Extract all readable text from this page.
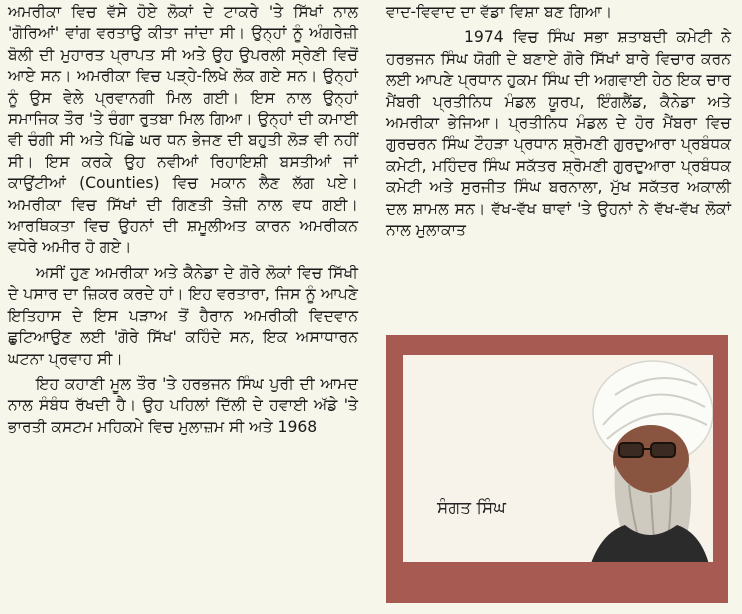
ਅਮਰੀਕਾ ਵਿਚ ਵੱਸੇ ਹੋਏ ਲੋਕਾਂ ਦੇ ਟਾਕਰੇ 'ਤੇ ਸਿੱਖਾਂ ਨਾਲ 'ਗੋਰਿਆਂ' ਵਾਂਗ ਵਰਤਾਉ ਕੀਤਾ ਜਾਂਦਾ ਸੀ। ਉਨ੍ਹਾਂ ਨੂੰ ਅੰਗਰੇਜ਼ੀ ਬੋਲੀ ਦੀ ਮੁਹਾਰਤ ਪ੍ਰਾਪਤ ਸੀ ਅਤੇ ਉਹ ਉਪਰਲੀ ਸ੍ਰੇਣੀ ਵਿਚੋਂ ਆਏ ਸਨ। ਅਮਰੀਕਾ ਵਿਚ ਪੜ੍ਹੇ-ਲਿਖੇ ਲੋਕ ਗਏ ਸਨ। ਉਨ੍ਹਾਂ ਨੂੰ ਉਸ ਵੇਲੇ ਪ੍ਰਵਾਨਗੀ ਮਿਲ ਗਈ। ਇਸ ਨਾਲ ਉਨ੍ਹਾਂ ਸਮਾਜਿਕ ਤੌਰ 'ਤੇ ਚੰਗਾ ਰੁਤਬਾ ਮਿਲ ਗਿਆ। ਉਨ੍ਹਾਂ ਦੀ ਕਮਾਈ ਵੀ ਚੰਗੀ ਸੀ ਅਤੇ ਪਿੱਛੇ ਘਰ ਧਨ ਭੇਜਣ ਦੀ ਬਹੁਤੀ ਲੋੜ ਵੀ ਨਹੀਂ ਸੀ। ਇਸ ਕਰਕੇ ਉਹ ਨਵੀਆਂ ਰਿਹਾਇਸ਼ੀ ਬਸਤੀਆਂ ਜਾਂ ਕਾਉਂਟੀਆਂ (Counties) ਵਿਚ ਮਕਾਨ ਲੈਣ ਲੱਗ ਪਏ। ਅਮਰੀਕਾ ਵਿਚ ਸਿੱਖਾਂ ਦੀ ਗਿਣਤੀ ਤੇਜ਼ੀ ਨਾਲ ਵਧ ਗਈ। ਆਰਥਿਕਤਾ ਵਿਚ ਉਹਨਾਂ ਦੀ ਸ਼ਮੂਲੀਅਤ ਕਾਰਨ ਅਮਰੀਕਨ ਵਧੇਰੇ ਅਮੀਰ ਹੋ ਗਏ।

ਅਸੀਂ ਹੁਣ ਅਮਰੀਕਾ ਅਤੇ ਕੈਨੇਡਾ ਦੇ ਗੋਰੇ ਲੋਕਾਂ ਵਿਚ ਸਿੱਖੀ ਦੇ ਪਸਾਰ ਦਾ ਜ਼ਿਕਰ ਕਰਦੇ ਹਾਂ। ਇਹ ਵਰਤਾਰਾ, ਜਿਸ ਨੂੰ ਆਪਣੇ ਇਤਿਹਾਸ ਦੇ ਇਸ ਪੜਾਅ ਤੋਂ ਹੈਰਾਨ ਅਮਰੀਕੀ ਵਿਦਵਾਨ ਛੁਟਿਆਉਣ ਲਈ 'ਗੋਰੇ ਸਿੱਖ' ਕਹਿੰਦੇ ਸਨ, ਇਕ ਅਸਾਧਾਰਨ ਘਟਨਾ ਪ੍ਰਵਾਹ ਸੀ।

ਇਹ ਕਹਾਣੀ ਮੂਲ ਤੌਰ 'ਤੇ ਹਰਭਜਨ ਸਿੰਘ ਪੁਰੀ ਦੀ ਆਮਦ ਨਾਲ ਸੰਬੰਧ ਰੱਖਦੀ ਹੈ। ਉਹ ਪਹਿਲਾਂ ਦਿੱਲੀ ਦੇ ਹਵਾਈ ਅੱਡੇ 'ਤੇ ਭਾਰਤੀ ਕਸਟਮ ਮਹਿਕਮੇ ਵਿਚ ਮੁਲਾਜ਼ਮ ਸੀ ਅਤੇ 1968

ਵਾਦ-ਵਿਵਾਦ ਦਾ ਵੱਡਾ ਵਿਸ਼ਾ ਬਣ ਗਿਆ।

1974 ਵਿਚ ਸਿੰਘ ਸਭਾ ਸ਼ਤਾਬਦੀ ਕਮੇਟੀ ਨੇ ਹਰਭਜਨ ਸਿੰਘ ਯੋਗੀ ਦੇ ਬਣਾਏ ਗੋਰੇ ਸਿੱਖਾਂ ਬਾਰੇ ਵਿਚਾਰ ਕਰਨ ਲਈ ਆਪਣੇ ਪ੍ਰਧਾਨ ਹੁਕਮ ਸਿੰਘ ਦੀ ਅਗਵਾਈ ਹੇਠ ਇਕ ਚਾਰ ਮੈਂਬਰੀ ਪ੍ਰਤੀਨਿਧ ਮੰਡਲ ਯੂਰਪ, ਇੰਗਲੈਂਡ, ਕੈਨੇਡਾ ਅਤੇ ਅਮਰੀਕਾ ਭੇਜਿਆ। ਪ੍ਰਤੀਨਿਧ ਮੰਡਲ ਦੇ ਹੋਰ ਮੈਂਬਰਾ ਵਿਚ ਗੁਰਚਰਨ ਸਿੰਘ ਟੌਹੜਾ ਪ੍ਰਧਾਨ ਸ਼੍ਰੋਮਣੀ ਗੁਰਦੁਆਰਾ ਪ੍ਰਬੰਧਕ ਕਮੇਟੀ, ਮਹਿੰਦਰ ਸਿੰਘ ਸਕੱਤਰ ਸ਼੍ਰੋਮਣੀ ਗੁਰਦੁਆਰਾ ਪ੍ਰਬੰਧਕ ਕਮੇਟੀ ਅਤੇ ਸੁਰਜੀਤ ਸਿੰਘ ਬਰਨਾਲਾ, ਮੁੱਖ ਸਕੱਤਰ ਅਕਾਲੀ ਦਲ ਸ਼ਾਮਲ ਸਨ। ਵੱਖ-ਵੱਖ ਥਾਵਾਂ 'ਤੇ ਉਹਨਾਂ ਨੇ ਵੱਖ-ਵੱਖ ਲੋਕਾਂ ਨਾਲ ਮੁਲਾਕਾਤ

ਸੰਗਤ ਸਿੰਘ
